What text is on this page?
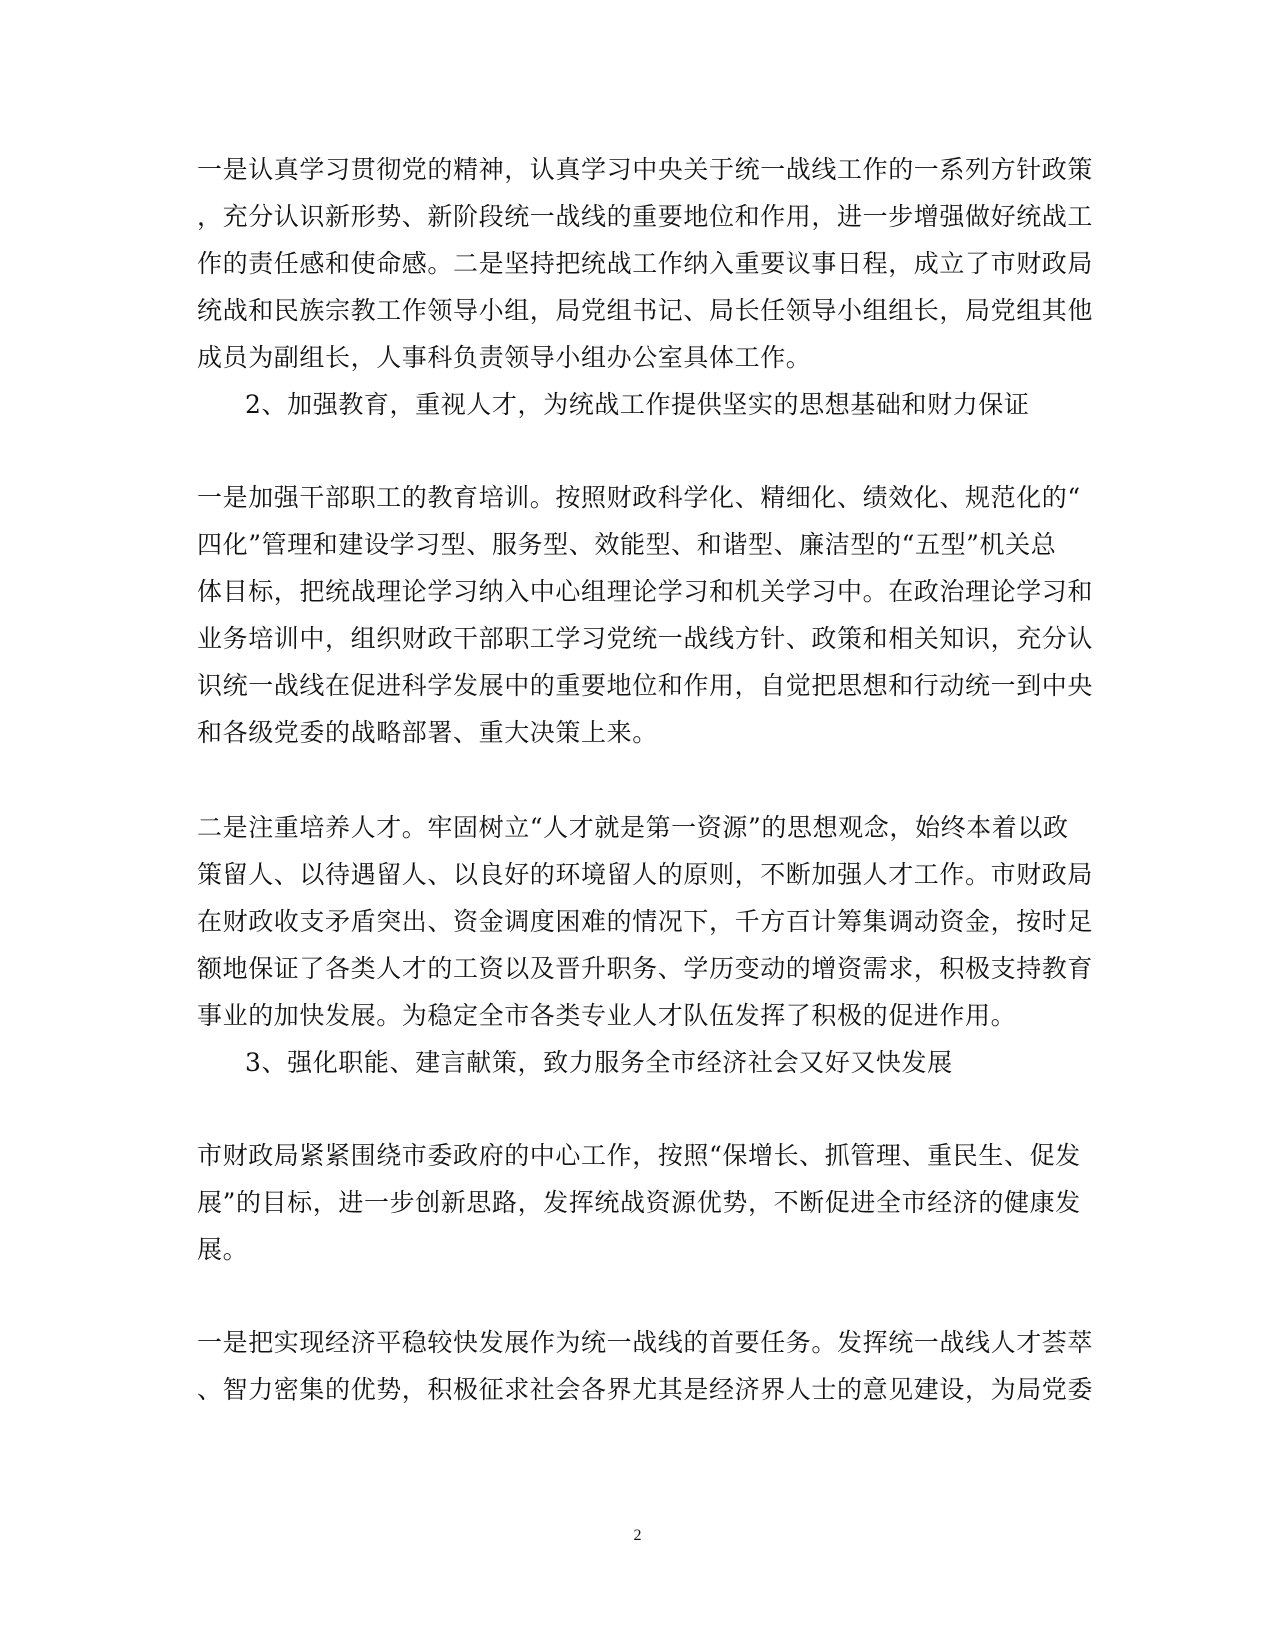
一是认真学习贯彻党的精神，认真学习中央关于统一战线工作的一系列方针政策

，充分认识新形势、新阶段统一战线的重要地位和作用，进一步增强做好统战工

作的责任感和使命感。二是坚持把统战工作纳入重要议事日程，成立了市财政局

统战和民族宗教工作领导小组，局党组书记、局长任领导小组组长，局党组其他

成员为副组长，人事科负责领导小组办公室具体工作。

2、加强教育，重视人才，为统战工作提供坚实的思想基础和财力保证

一是加强干部职工的教育培训。按照财政科学化、精细化、绩效化、规范化的“

四化”管理和建设学习型、服务型、效能型、和谐型、廉洁型的“五型”机关总

体目标，把统战理论学习纳入中心组理论学习和机关学习中。在政治理论学习和

业务培训中，组织财政干部职工学习党统一战线方针、政策和相关知识，充分认

识统一战线在促进科学发展中的重要地位和作用，自觉把思想和行动统一到中央

和各级党委的战略部署、重大决策上来。

二是注重培养人才。牢固树立“人才就是第一资源”的思想观念，始终本着以政

策留人、以待遇留人、以良好的环境留人的原则，不断加强人才工作。市财政局

在财政收支矛盾突出、资金调度困难的情况下，千方百计筹集调动资金，按时足

额地保证了各类人才的工资以及晋升职务、学历变动的增资需求，积极支持教育

事业的加快发展。为稳定全市各类专业人才队伍发挥了积极的促进作用。

3、强化职能、建言献策，致力服务全市经济社会又好又快发展

市财政局紧紧围绕市委政府的中心工作，按照“保增长、抓管理、重民生、促发

展”的目标，进一步创新思路，发挥统战资源优势，不断促进全市经济的健康发

展。

一是把实现经济平稳较快发展作为统一战线的首要任务。发挥统一战线人才荟萃

、智力密集的优势，积极征求社会各界尤其是经济界人士的意见建设，为局党委

2
